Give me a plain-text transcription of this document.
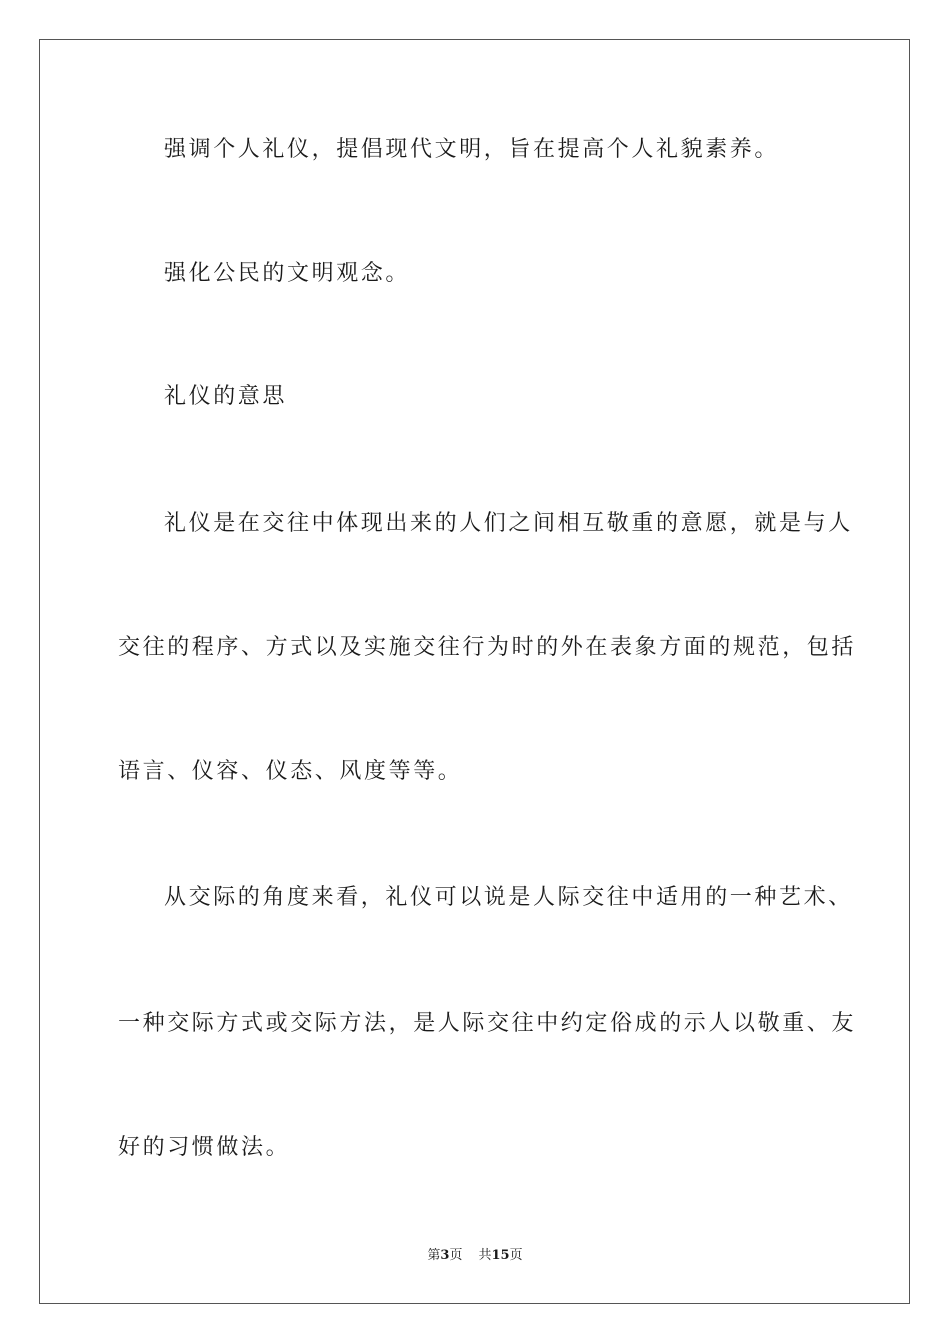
强调个人礼仪，提倡现代文明，旨在提高个人礼貌素养。
强化公民的文明观念。
礼仪的意思
礼仪是在交往中体现出来的人们之间相互敬重的意愿，就是与人
交往的程序、方式以及实施交往行为时的外在表象方面的规范，包括
语言、仪容、仪态、风度等等。
从交际的角度来看，礼仪可以说是人际交往中适用的一种艺术、
一种交际方式或交际方法，是人际交往中约定俗成的示人以敬重、友
好的习惯做法。
第3页 共15页
